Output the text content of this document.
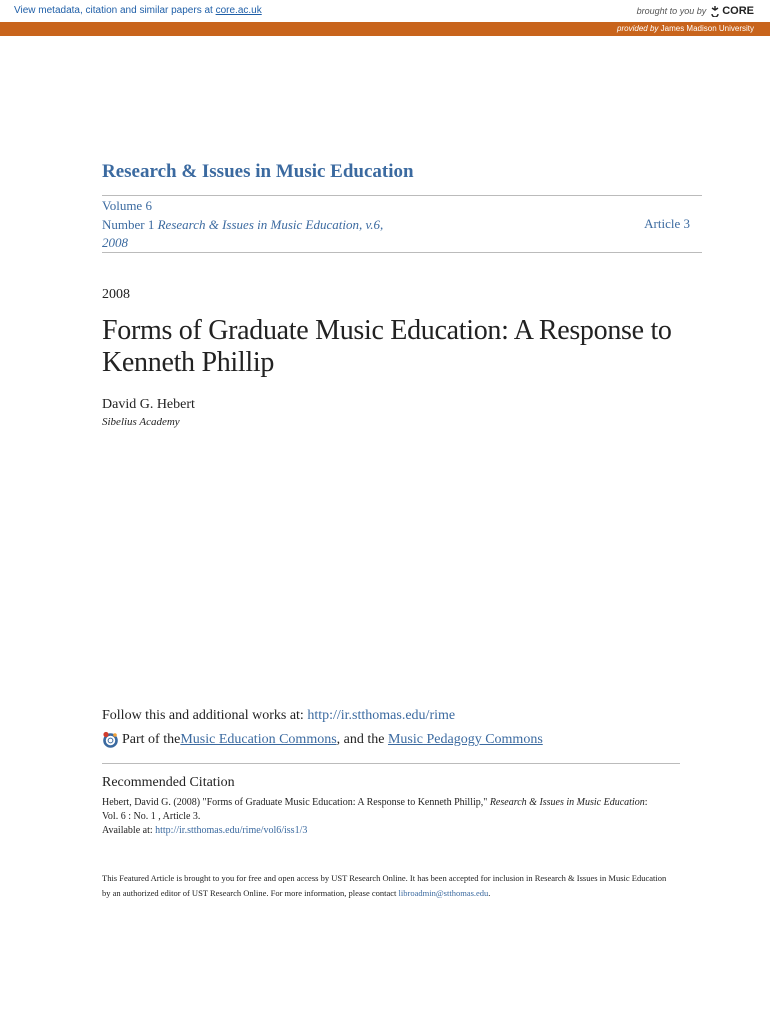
View metadata, citation and similar papers at core.ac.uk	brought to you by CORE
provided by James Madison University
Research & Issues in Music Education
Volume 6
Number 1 Research & Issues in Music Education, v.6,
2008
Article 3
2008
Forms of Graduate Music Education: A Response to Kenneth Phillip
David G. Hebert
Sibelius Academy
Follow this and additional works at: http://ir.stthomas.edu/rime
Part of the Music Education Commons , and the Music Pedagogy Commons
Recommended Citation
Hebert, David G. (2008) "Forms of Graduate Music Education: A Response to Kenneth Phillip," Research & Issues in Music Education:
Vol. 6 : No. 1 , Article 3.
Available at: http://ir.stthomas.edu/rime/vol6/iss1/3
This Featured Article is brought to you for free and open access by UST Research Online. It has been accepted for inclusion in Research & Issues in Music Education by an authorized editor of UST Research Online. For more information, please contact libroadmin@stthomas.edu.
